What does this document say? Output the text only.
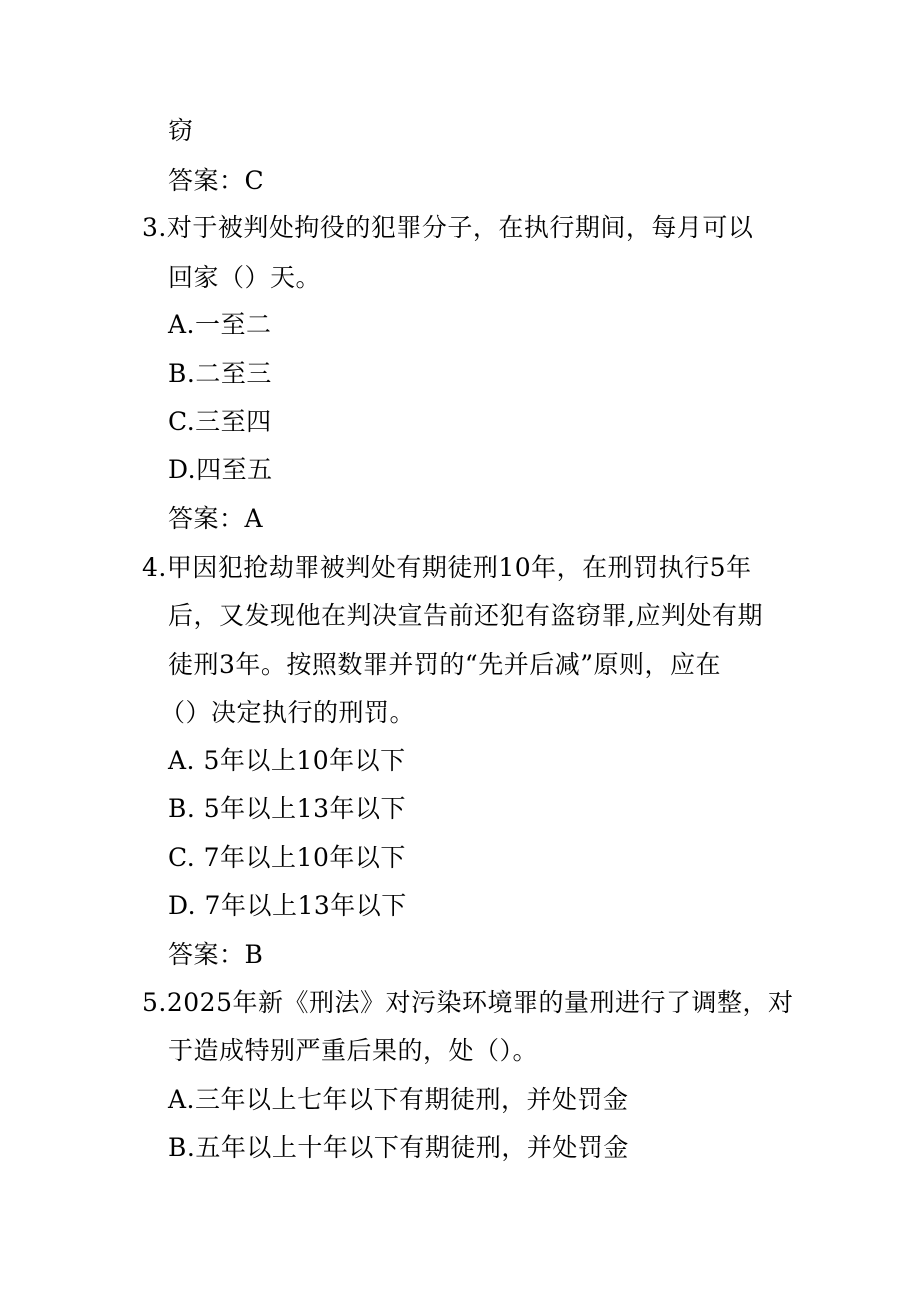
窃
答案：C
3.对于被判处拘役的犯罪分子，在执行期间，每月可以
回家（）天。
A.一至二
B.二至三
C.三至四
D.四至五
答案：A
4.甲因犯抢劫罪被判处有期徒刑10年，在刑罚执行5年
后，又发现他在判决宣告前还犯有盗窃罪,应判处有期
徒刑3年。按照数罪并罚的“先并后减”原则，应在
（）决定执行的刑罚。
A. 5年以上10年以下
B. 5年以上13年以下
C. 7年以上10年以下
D. 7年以上13年以下
答案：B
5.2025年新《刑法》对污染环境罪的量刑进行了调整，对
于造成特别严重后果的，处（）。
A.三年以上七年以下有期徒刑，并处罚金
B.五年以上十年以下有期徒刑，并处罚金
